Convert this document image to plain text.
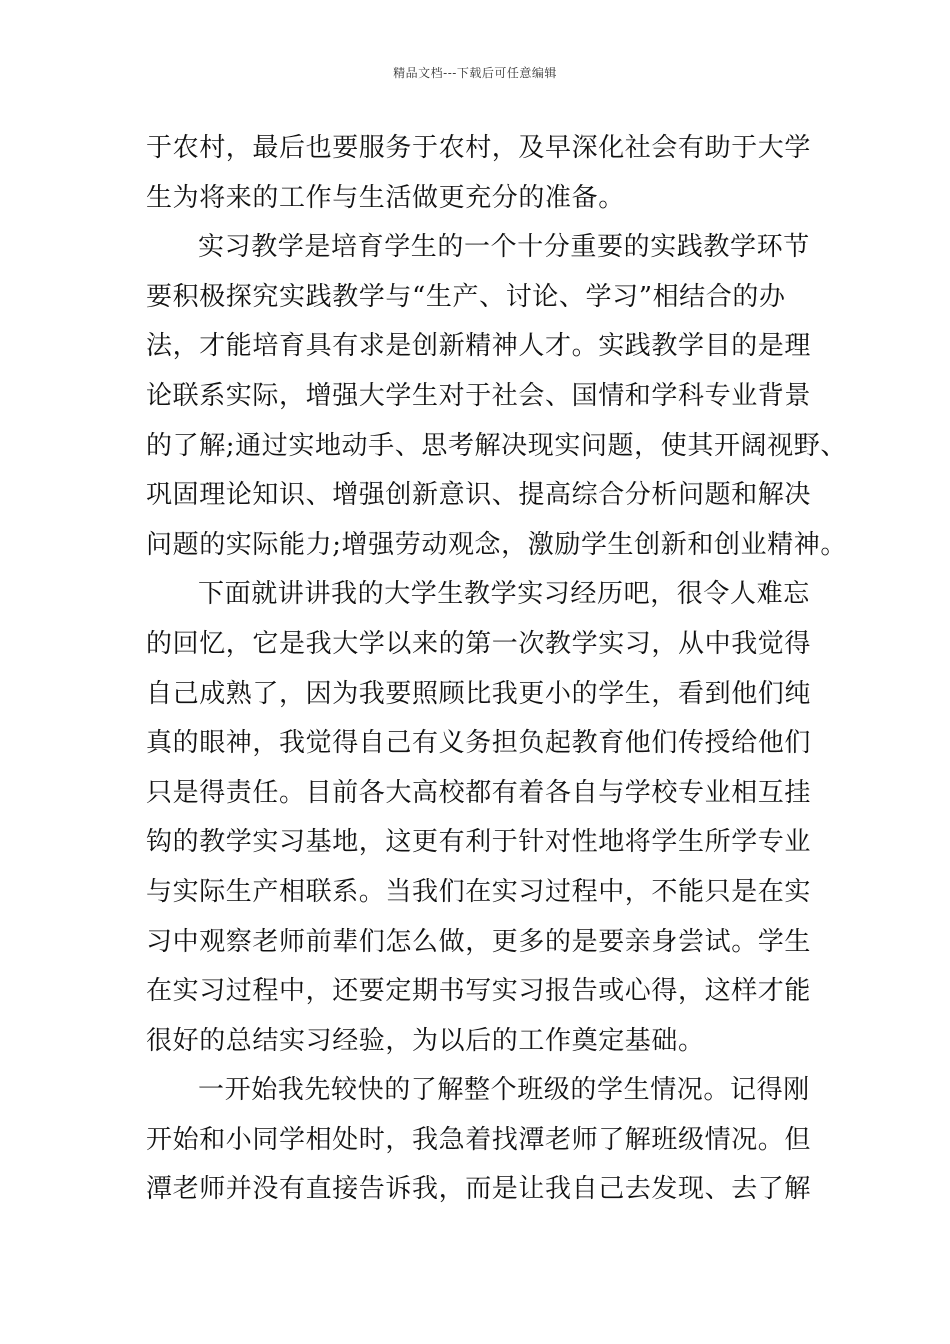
精品文档---下载后可任意编辑
于农村，最后也要服务于农村，及早深化社会有助于大学
生为将来的工作与生活做更充分的准备。
实习教学是培育学生的一个十分重要的实践教学环节
要积极探究实践教学与“生产、讨论、学习”相结合的办
法，才能培育具有求是创新精神人才。实践教学目的是理
论联系实际，增强大学生对于社会、国情和学科专业背景
的了解;通过实地动手、思考解决现实问题，使其开阔视野、
巩固理论知识、增强创新意识、提高综合分析问题和解决
问题的实际能力;增强劳动观念，激励学生创新和创业精神。
下面就讲讲我的大学生教学实习经历吧，很令人难忘
的回忆，它是我大学以来的第一次教学实习，从中我觉得
自己成熟了，因为我要照顾比我更小的学生，看到他们纯
真的眼神，我觉得自己有义务担负起教育他们传授给他们
只是得责任。目前各大高校都有着各自与学校专业相互挂
钩的教学实习基地，这更有利于针对性地将学生所学专业
与实际生产相联系。当我们在实习过程中，不能只是在实
习中观察老师前辈们怎么做，更多的是要亲身尝试。学生
在实习过程中，还要定期书写实习报告或心得，这样才能
很好的总结实习经验，为以后的工作奠定基础。
一开始我先较快的了解整个班级的学生情况。记得刚
开始和小同学相处时，我急着找潭老师了解班级情况。但
潭老师并没有直接告诉我，而是让我自己去发现、去了解
